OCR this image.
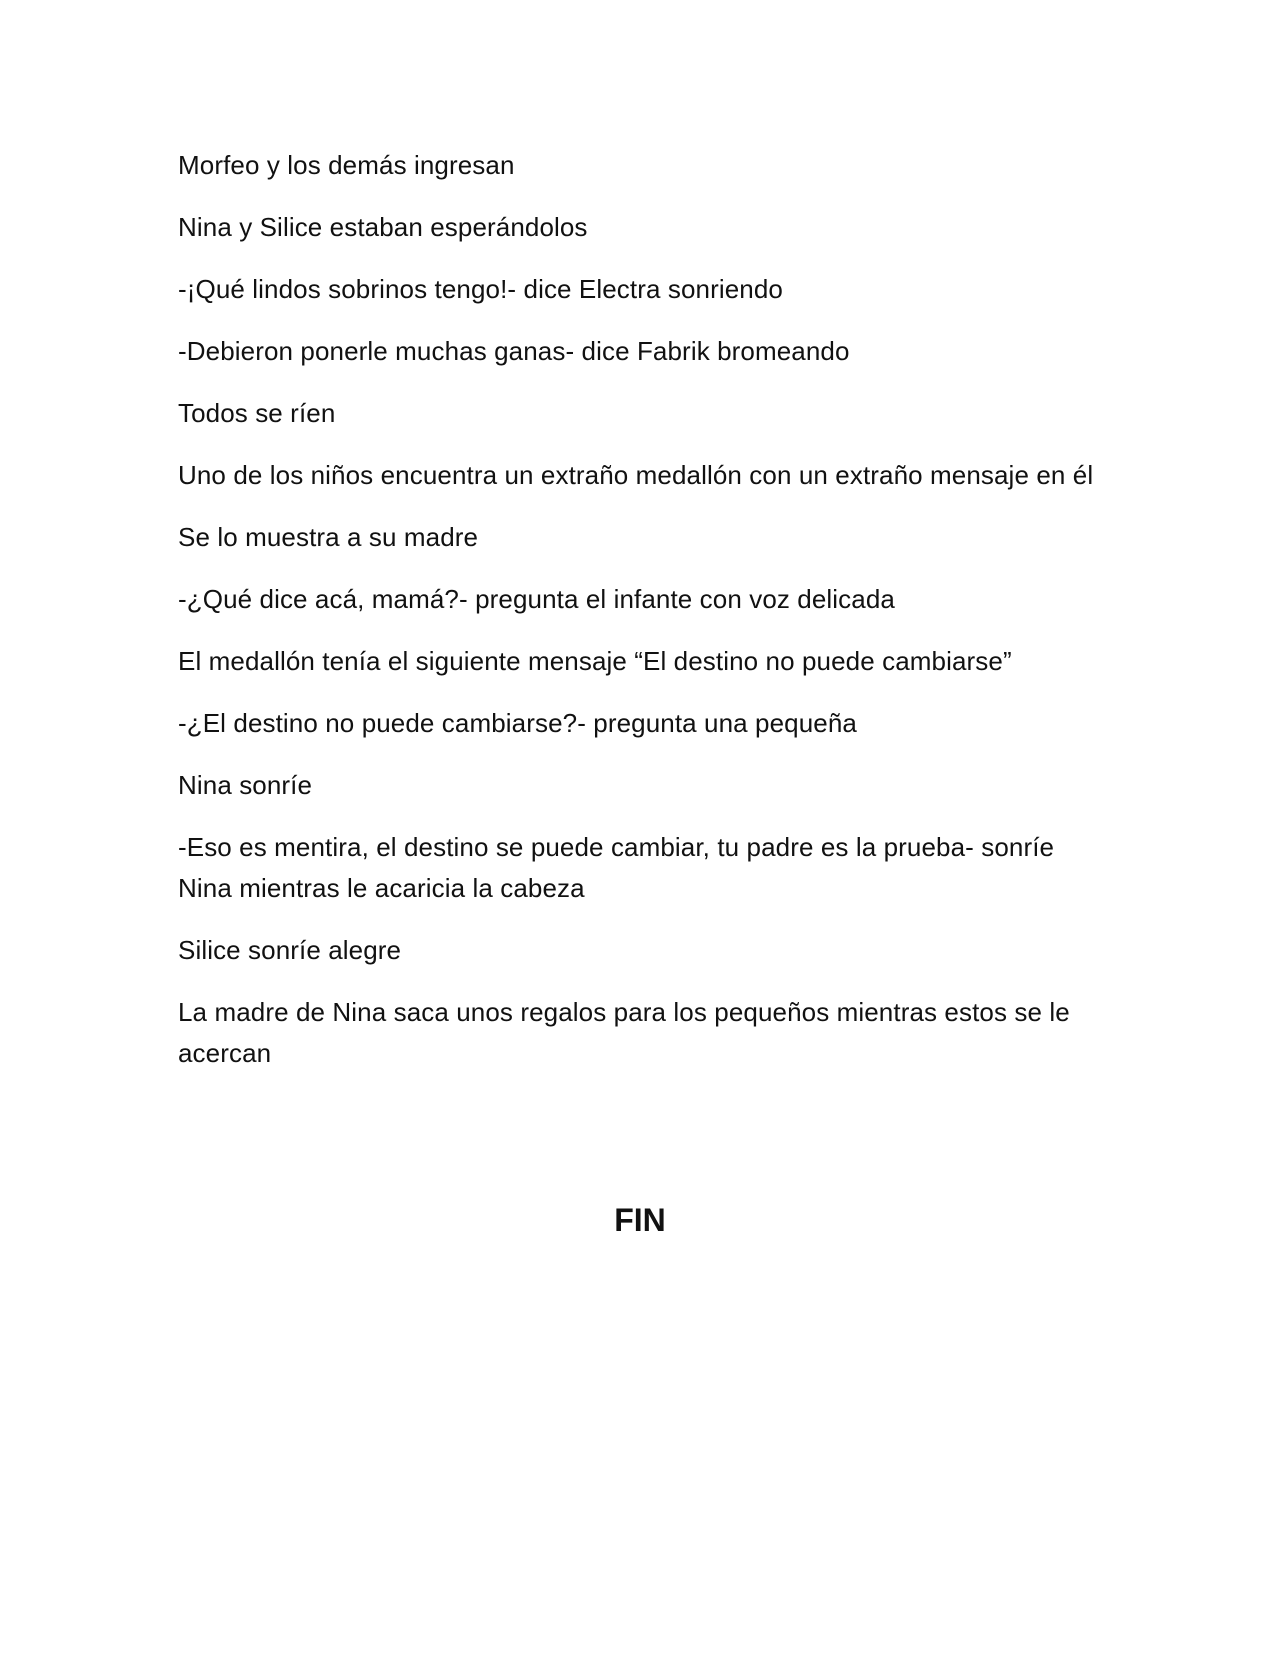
Morfeo y los demás ingresan

Nina y Silice estaban esperándolos

-¡Qué lindos sobrinos tengo!- dice Electra sonriendo

-Debieron ponerle muchas ganas- dice Fabrik bromeando

Todos se ríen

Uno de los niños encuentra un extraño medallón con un extraño mensaje en él

Se lo muestra a su madre

-¿Qué dice acá, mamá?- pregunta el infante con voz delicada

El medallón tenía el siguiente mensaje “El destino no puede cambiarse”

-¿El destino no puede cambiarse?- pregunta una pequeña

Nina sonríe

-Eso es mentira, el destino se puede cambiar, tu padre es la prueba- sonríe Nina mientras le acaricia la cabeza

Silice sonríe alegre

La madre de Nina saca unos regalos para los pequeños mientras estos se le acercan

FIN
